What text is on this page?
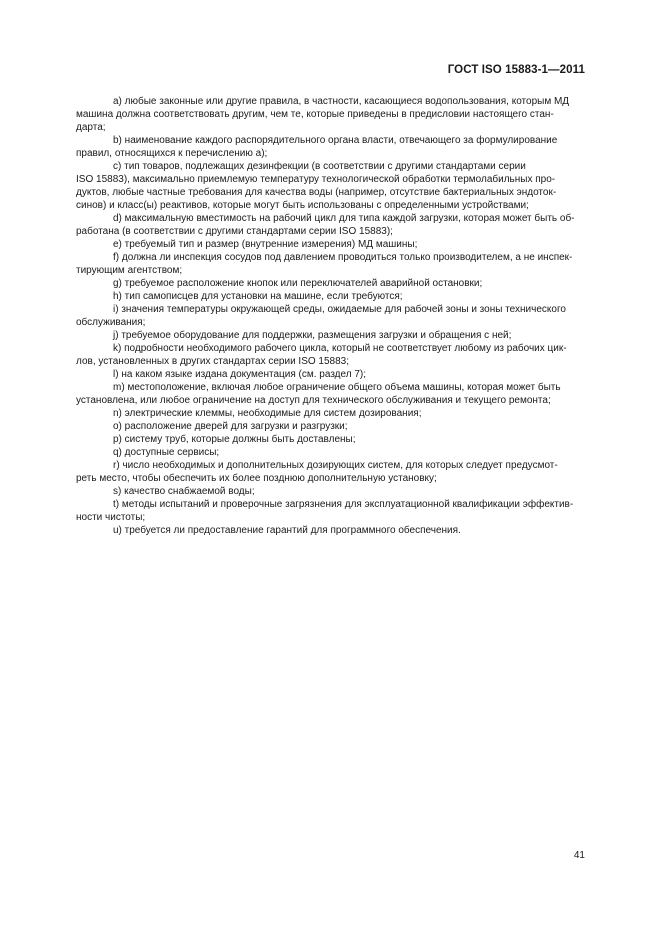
ГОСТ ISO 15883-1—2011
a) любые законные или другие правила, в частности, касающиеся водопользования, которым МД
машина должна соответствовать другим, чем те, которые приведены в предисловии настоящего стан-
дарта;
b) наименование каждого распорядительного органа власти, отвечающего за формулирование
правил, относящихся к перечислению a);
c) тип товаров, подлежащих дезинфекции (в соответствии с другими стандартами серии
ISO 15883), максимально приемлемую температуру технологической обработки термолабильных про-
дуктов, любые частные требования для качества воды (например, отсутствие бактериальных эндоток-
синов) и класс(ы) реактивов, которые могут быть использованы с определенными устройствами;
d) максимальную вместимость на рабочий цикл для типа каждой загрузки, которая может быть об-
работана (в соответствии с другими стандартами серии ISO 15883);
e) требуемый тип и размер (внутренние измерения) МД машины;
f) должна ли инспекция сосудов под давлением проводиться только производителем, а не инспек-
тирующим агентством;
g) требуемое расположение кнопок или переключателей аварийной остановки;
h) тип самописцев для установки на машине, если требуются;
i) значения температуры окружающей среды, ожидаемые для рабочей зоны и зоны технического
обслуживания;
j) требуемое оборудование для поддержки, размещения загрузки и обращения с ней;
k) подробности необходимого рабочего цикла, который не соответствует любому из рабочих цик-
лов, установленных в других стандартах серии ISO 15883;
l) на каком языке издана документация (см. раздел 7);
m) местоположение, включая любое ограничение общего объема машины, которая может быть
установлена, или любое ограничение на доступ для технического обслуживания и текущего ремонта;
n) электрические клеммы, необходимые для систем дозирования;
o) расположение дверей для загрузки и разгрузки;
p) систему труб, которые должны быть доставлены;
q) доступные сервисы;
r) число необходимых и дополнительных дозирующих систем, для которых следует предусмот-
реть место, чтобы обеспечить их более позднюю дополнительную установку;
s) качество снабжаемой воды;
t) методы испытаний и проверочные загрязнения для эксплуатационной квалификации эффектив-
ности чистоты;
u) требуется ли предоставление гарантий для программного обеспечения.
41
